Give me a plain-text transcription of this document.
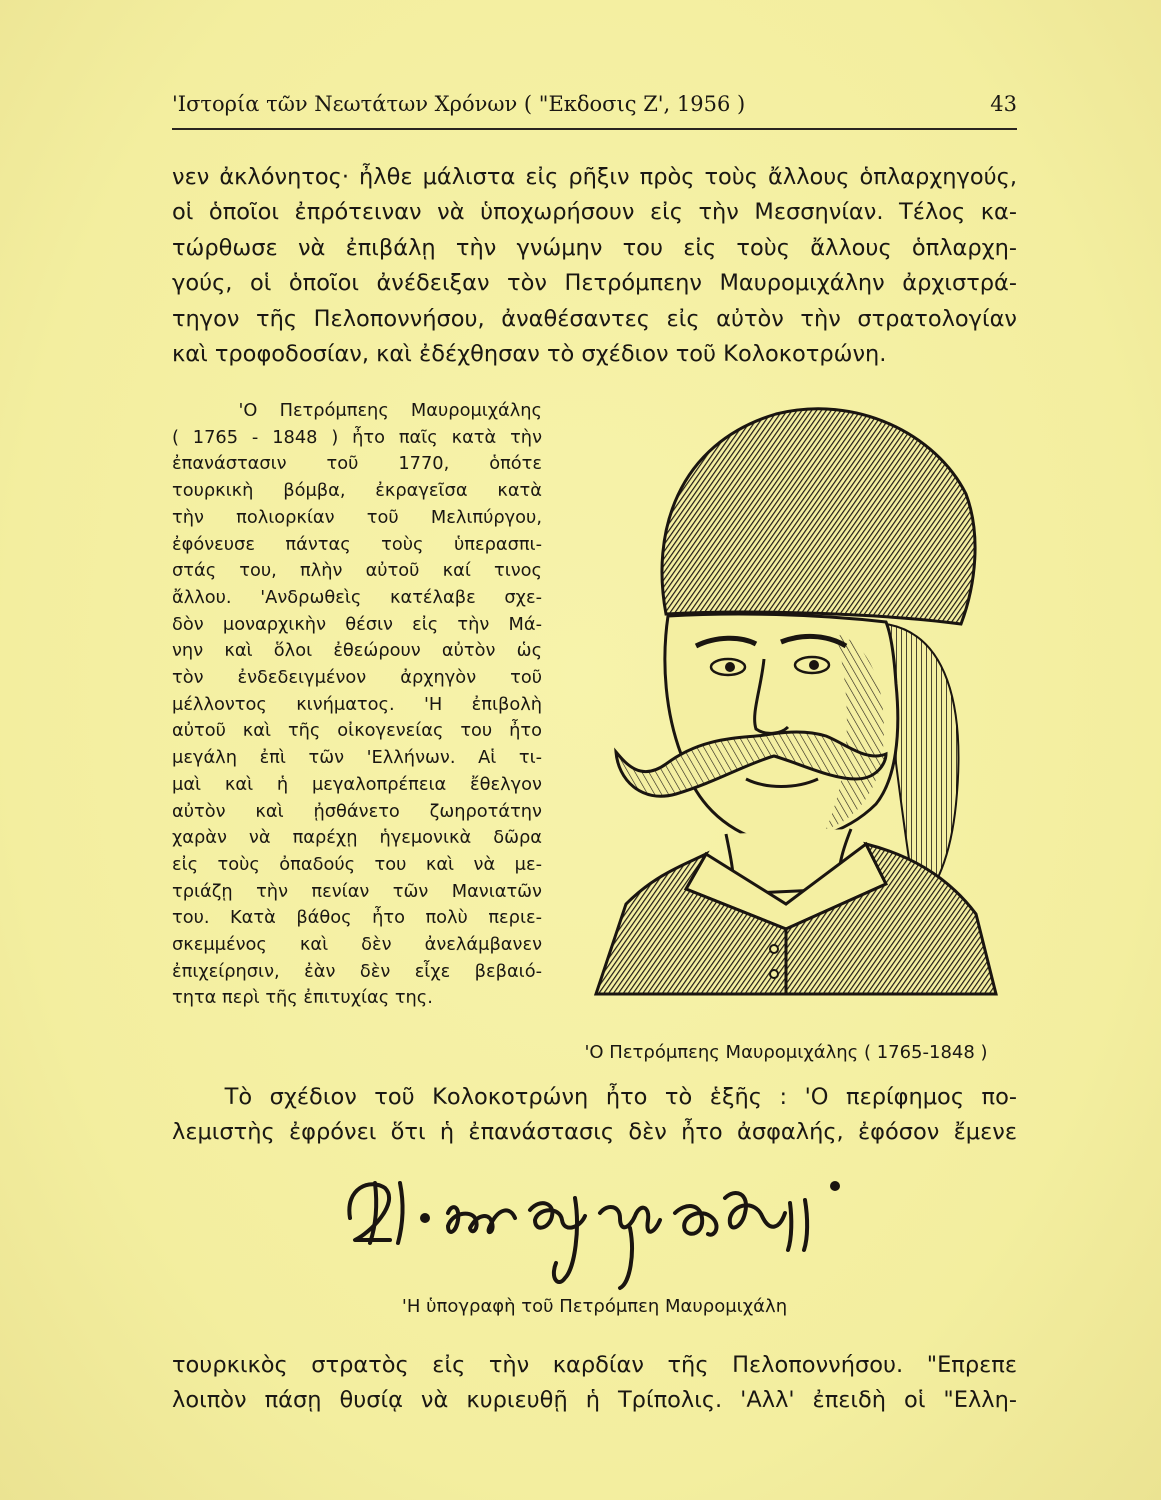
'Ιστορία τῶν Νεωτάτων Χρόνων ( "Εκδοσις Ζ', 1956 )	43
νεν ἀκλόνητος· ἦλθε μάλιστα εἰς ρῆξιν πρὸς τοὺς ἄλλους ὁπλαρχηγούς,
οἱ ὁποῖοι ἐπρότειναν νὰ ὑποχωρήσουν εἰς τὴν Μεσσηνίαν. Τέλος κα-
τώρθωσε νὰ ἐπιβάλῃ τὴν γνώμην του εἰς τοὺς ἄλλους ὁπλαρχη-
γούς, οἱ ὁποῖοι ἀνέδειξαν τὸν Πετρόμπεην Μαυρομιχάλην ἀρχιστρά-
τηγον τῆς Πελοποννήσου, ἀναθέσαντες εἰς αὐτὸν τὴν στρατολογίαν
καὶ τροφοδοσίαν, καὶ ἐδέχθησαν τὸ σχέδιον τοῦ Κολοκοτρώνη.
'Ο Πετρόμπεης Μαυρομιχάλης
( 1765 - 1848 ) ἦτο παῖς κατὰ τὴν
ἐπανάστασιν τοῦ 1770, ὁπότε
τουρκικὴ βόμβα, ἐκραγεῖσα κατὰ
τὴν πολιορκίαν τοῦ Μελιπύργου,
ἐφόνευσε πάντας τοὺς ὑπερασπι-
στάς του, πλὴν αὐτοῦ καί τινος
ἄλλου. 'Ανδρωθεὶς κατέλαβε σχε-
δὸν μοναρχικὴν θέσιν εἰς τὴν Μά-
νην καὶ ὅλοι ἐθεώρουν αὐτὸν ὡς
τὸν ἐνδεδειγμένον ἀρχηγὸν τοῦ
μέλλοντος κινήματος. 'Η ἐπιβολὴ
αὐτοῦ καὶ τῆς οἰκογενείας του ἦτο
μεγάλη ἐπὶ τῶν 'Ελλήνων. Αἱ τι-
μαὶ καὶ ἡ μεγαλοπρέπεια ἔθελγον
αὐτὸν καὶ ᾐσθάνετο ζωηροτάτην
χαρὰν νὰ παρέχῃ ἡγεμονικὰ δῶρα
εἰς τοὺς ὀπαδούς του καὶ νὰ με-
τριάζῃ τὴν πενίαν τῶν Μανιατῶν
του. Κατὰ βάθος ἦτο πολὺ περιε-
σκεμμένος καὶ δὲν ἀνελάμβανεν
ἐπιχείρησιν, ἐὰν δὲν εἶχε βεβαιό-
τητα περὶ τῆς ἐπιτυχίας της.
'Ο Πετρόμπεης Μαυρομιχάλης ( 1765-1848 )
Τὸ σχέδιον τοῦ Κολοκοτρώνη ἦτο τὸ ἑξῆς : 'Ο περίφημος πο-
λεμιστὴς ἐφρόνει ὅτι ἡ ἐπανάστασις δὲν ἦτο ἀσφαλής, ἐφόσον ἔμενε
'Η ὑπογραφὴ τοῦ Πετρόμπεη Μαυρομιχάλη
τουρκικὸς στρατὸς εἰς τὴν καρδίαν τῆς Πελοποννήσου. "Επρεπε
λοιπὸν πάσῃ θυσίᾳ νὰ κυριευθῇ ἡ Τρίπολις. 'Αλλ' ἐπειδὴ οἱ "Ελλη-
